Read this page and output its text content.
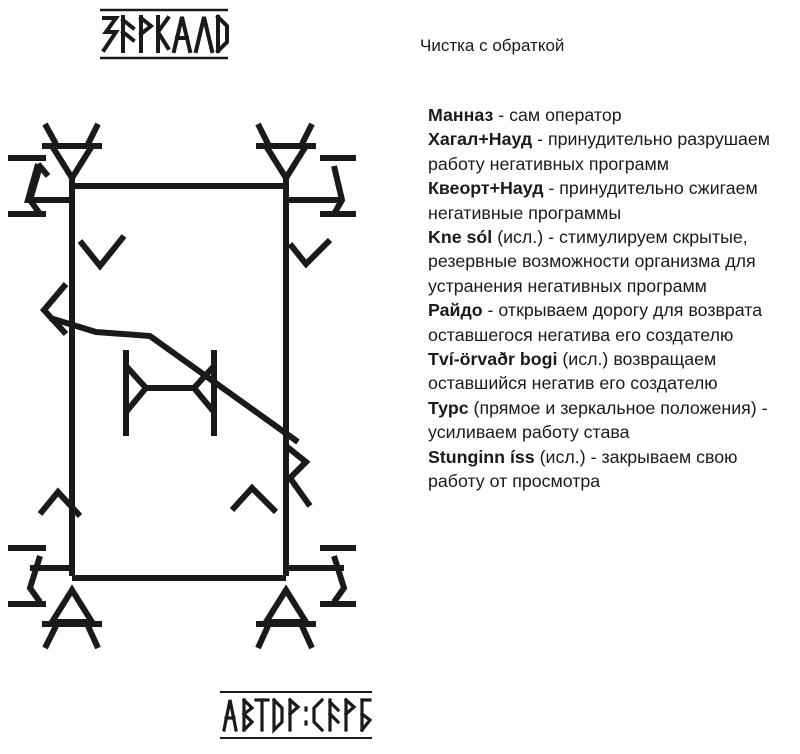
Чистка с обраткой

Манназ - сам оператор
Хагал+Науд - принудительно разрушаем работу негативных программ
Квеорт+Науд - принудительно сжигаем негативные программы
Kne sól (исл.) - стимулируем скрытые, резервные возможности организма для устранения негативных программ
Райдо - открываем дорогу для возврата оставшегося негатива его создателю
Tví-örvaðr bogi (исл.) возвращаем оставшийся негатив его создателю
Турс (прямое и зеркальное положения) - усиливаем работу става
Stunginn íss (исл.) - закрываем свою работу от просмотра
